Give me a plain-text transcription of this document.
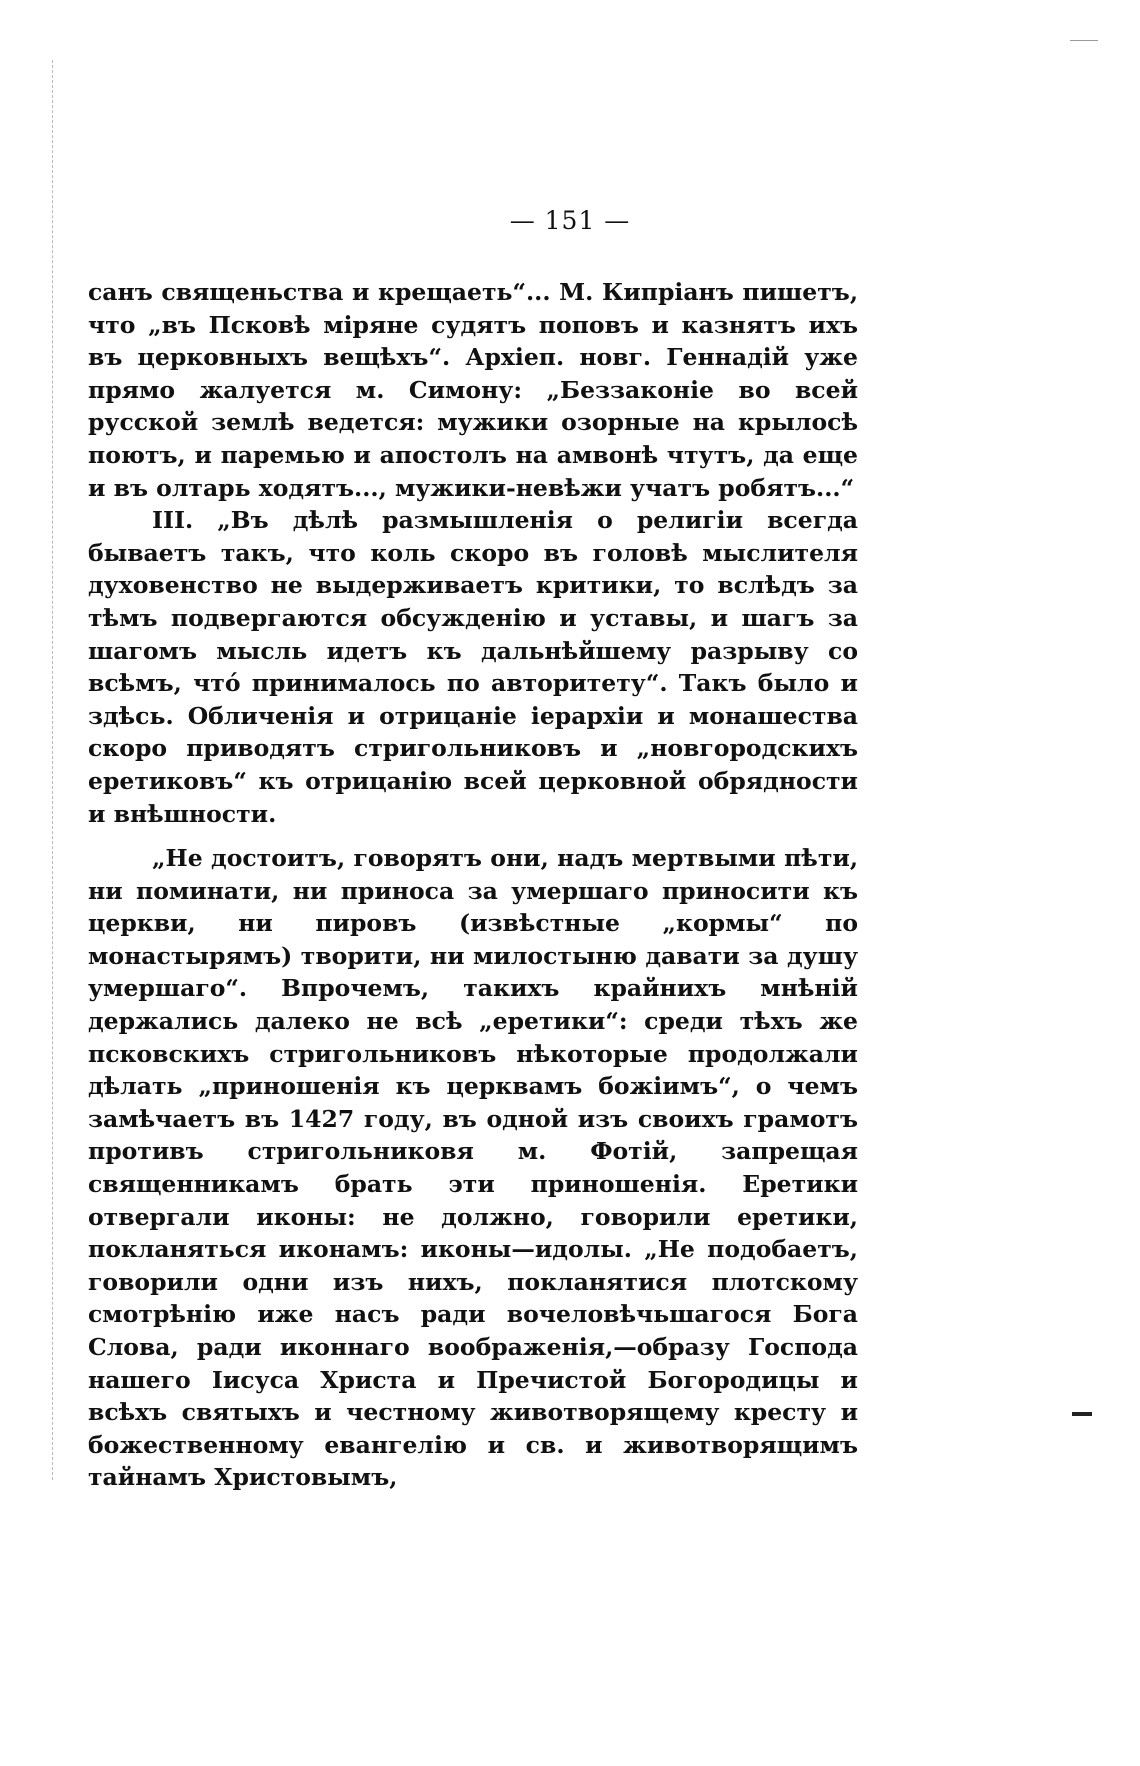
— 151 —

санъ священьства и крещаеть“... М. Кипріанъ пишетъ, что „въ Псковѣ міряне судятъ поповъ и казнятъ ихъ въ церковныхъ вещѣхъ“. Архіеп. новг. Геннадій уже прямо жалуется м. Симону: „Беззаконіе во всей русской землѣ ведется: мужики озорные на крылосѣ поютъ, и паремью и апостолъ на амвонѣ чтутъ, да еще и въ олтарь ходятъ..., мужики-невѣжи учатъ робятъ...“

III. „Въ дѣлѣ размышленія о религіи всегда бываетъ такъ, что коль скоро въ головѣ мыслителя духовенство не выдерживаетъ критики, то вслѣдъ за тѣмъ подвергаются обсужденію и уставы, и шагъ за шагомъ мысль идетъ къ дальнѣйшему разрыву со всѣмъ, чтó принималось по авторитету“. Такъ было и здѣсь. Обличенія и отрицаніе іерархіи и монашества скоро приводятъ стригольниковъ и „новгородскихъ еретиковъ“ къ отрицанію всей церковной обрядности и внѣшности.

„Не достоитъ, говорятъ они, надъ мертвыми пѣти, ни поминати, ни приноса за умершаго приносити къ церкви, ни пировъ (извѣстные „кормы“ по монастырямъ) творити, ни милостыню давати за душу умершаго“. Впрочемъ, такихъ крайнихъ мнѣній держались далеко не всѣ „еретики“: среди тѣхъ же псковскихъ стригольниковъ нѣкоторые продолжали дѣлать „приношенія къ церквамъ божіимъ“, о чемъ замѣчаетъ въ 1427 году, въ одной изъ своихъ грамотъ противъ стригольниковя м. Фотій, запрещая священникамъ брать эти приношенія. Еретики отвергали иконы: не должно, говорили еретики, покланяться иконамъ: иконы—идолы. „Не подобаетъ, говорили одни изъ нихъ, покланятися плотскому смотрѣнію иже насъ ради вочеловѣчьшагося Бога Слова, ради иконнаго воображенія,—образу Господа нашего Іисуса Христа и Пречистой Богородицы и всѣхъ святыхъ и честному животворящему кресту и божественному евангелію и св. и животворящимъ тайнамъ Христовымъ,
